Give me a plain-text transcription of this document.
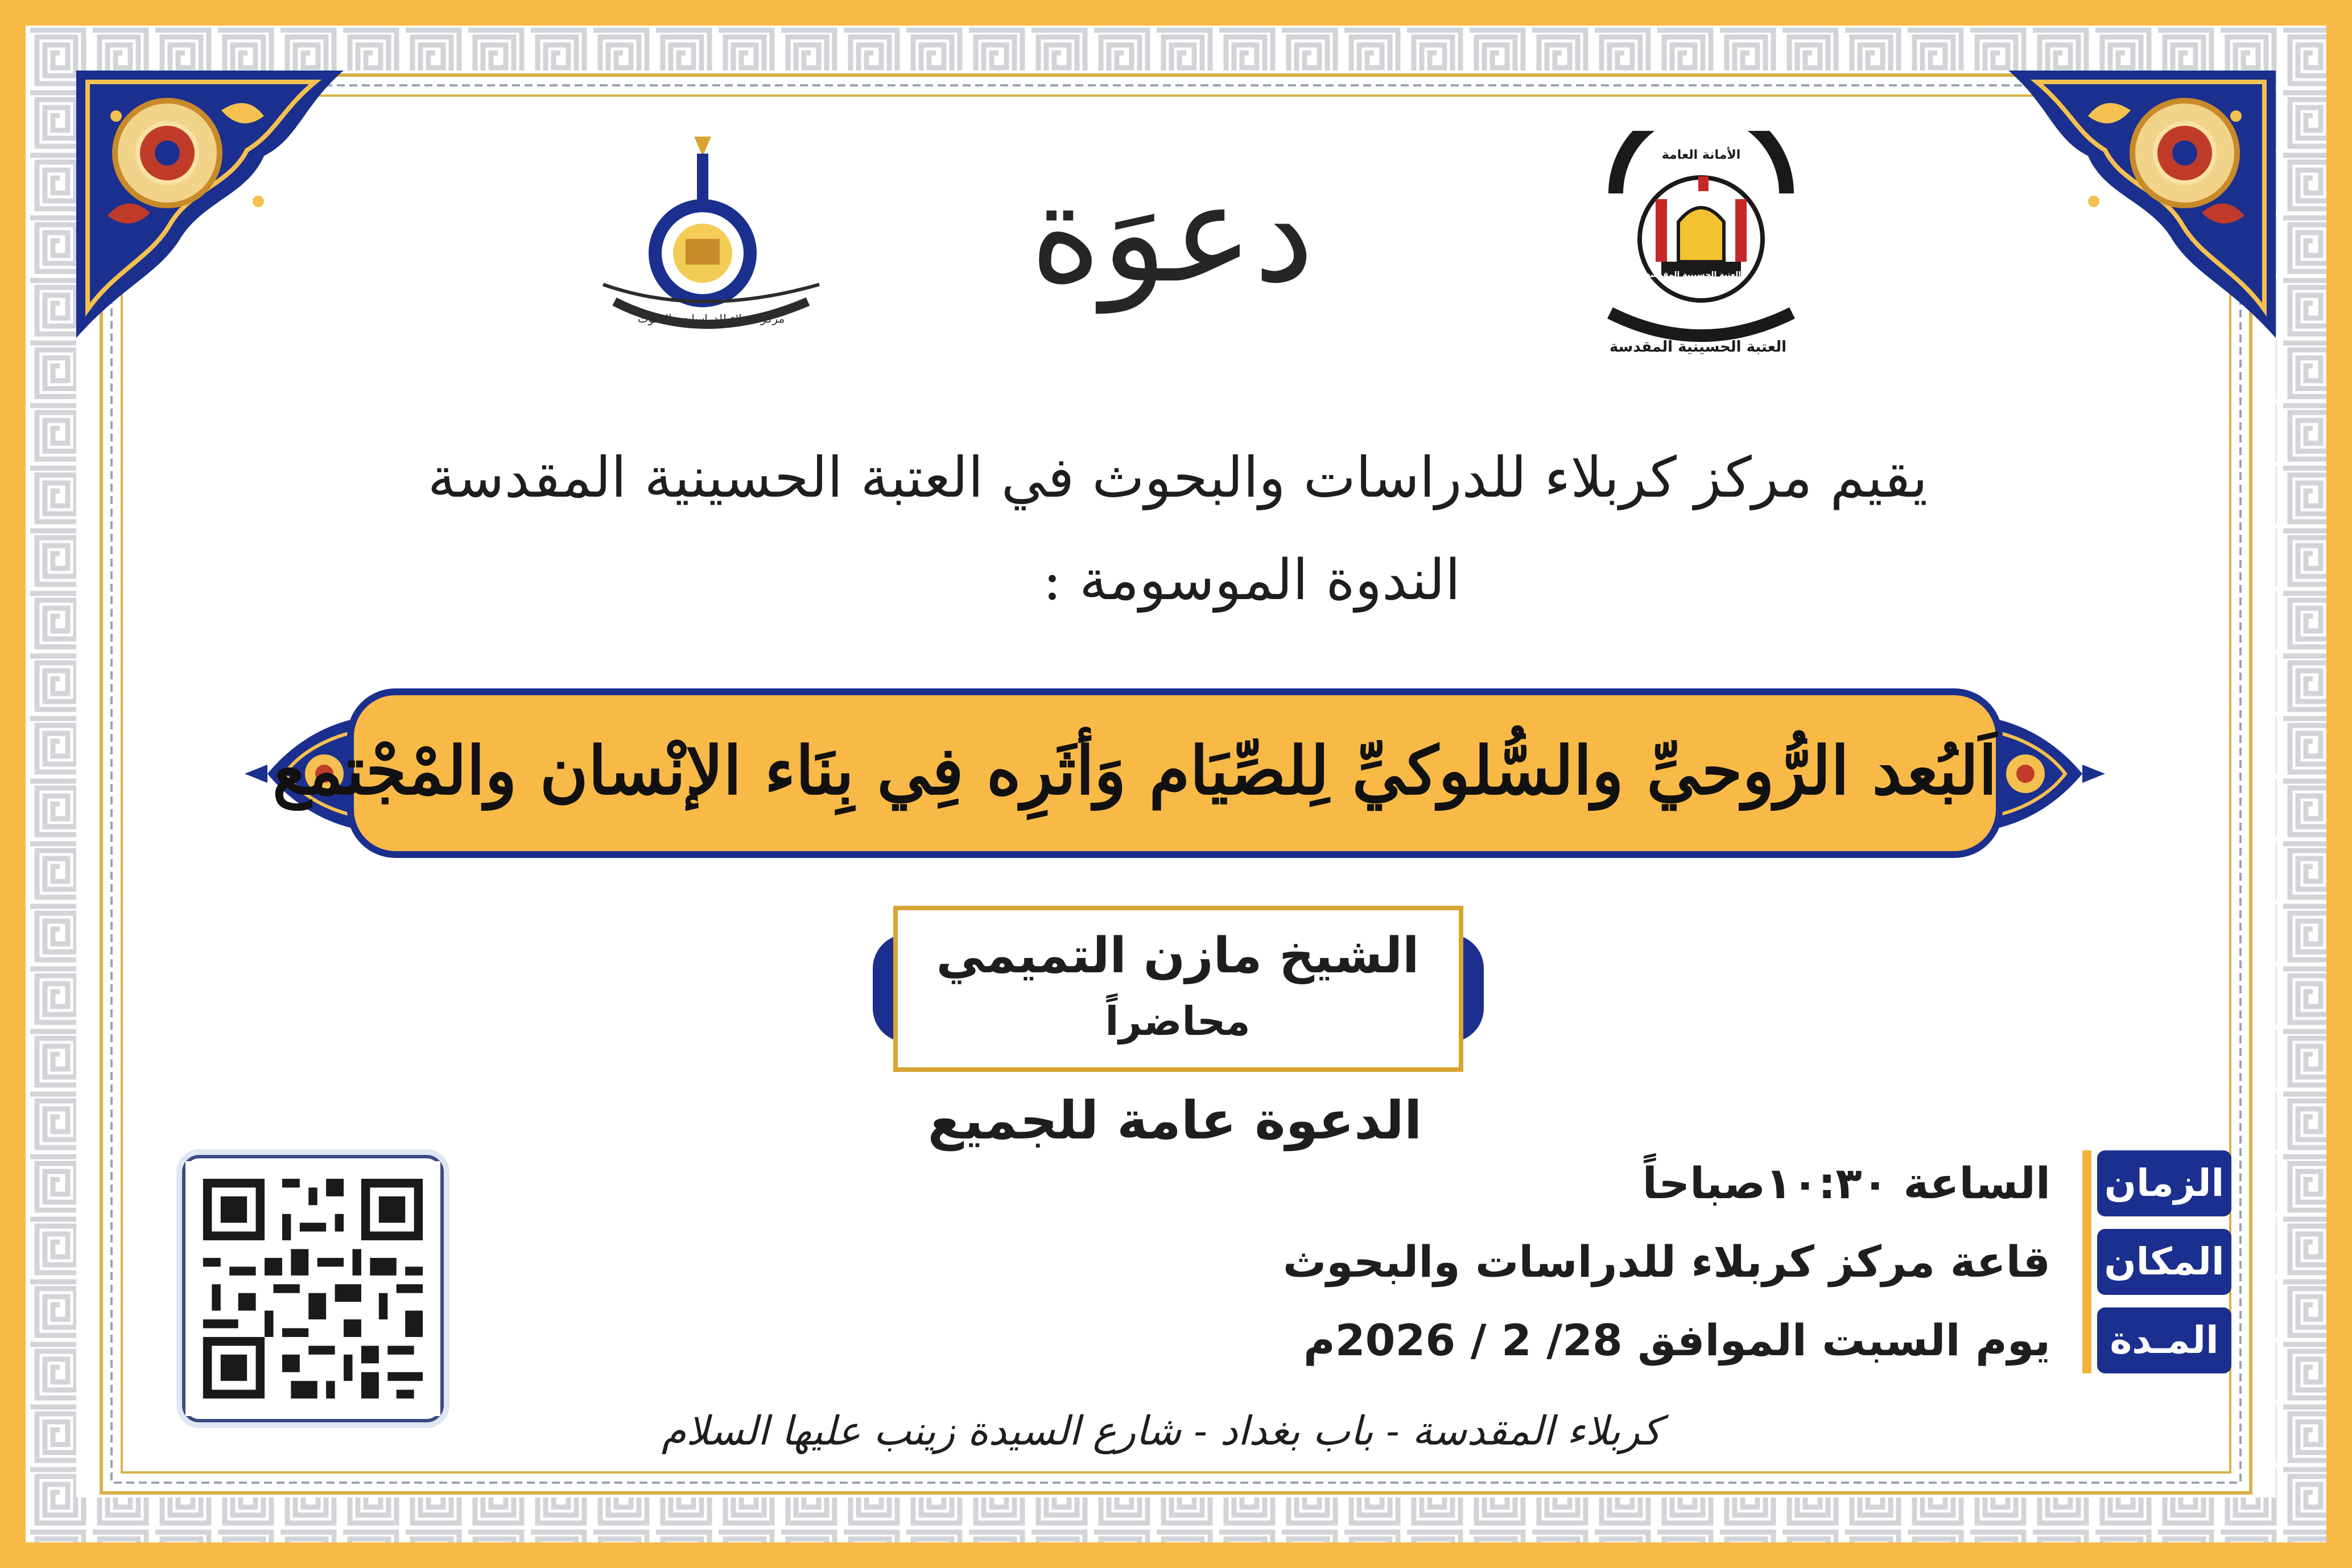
مركز كربلاء للدراسات والبحوث
الأمانة العامة
العتبة الحسينية المقدسة
العتبة الحسينية المقدسة
دعوَة
يقيم مركز كربلاء للدراسات والبحوث في العتبة الحسينية المقدسة
الندوة الموسومة :
اَلبُعد الرُّوحيِّ والسُّلوكيِّ لِلصِّيَام وَأثَرِه فِي بِنَاء الإنْسان والمْجْتمع
الشيخ مازن التميمي
محاضراً
الدعوة عامة للجميع
الزمان
المكان
المـدة
الساعة ١٠:٣٠صباحاً
قاعة مركز كربلاء للدراسات والبحوث
يوم السبت الموافق 28/ 2 / 2026م
كربلاء المقدسة - باب بغداد - شارع السيدة زينب عليها السلام
